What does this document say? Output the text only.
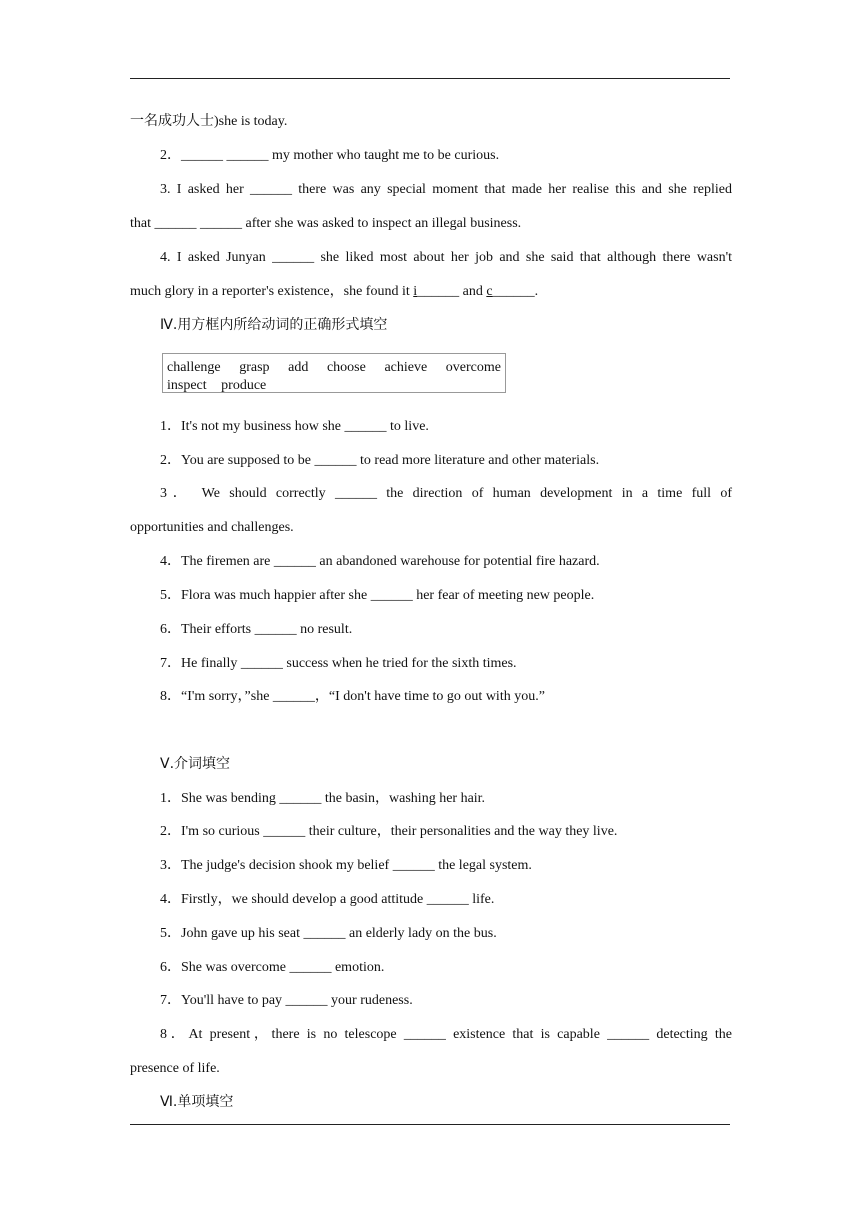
一名成功人士)she is today.
2．______ ______ my mother who taught me to be curious.
3. I asked her ______ there was any special moment that made her realise this and she replied
that ______ ______ after she was asked to inspect an illegal business.
4. I asked Junyan ______ she liked most about her job and she said that although there wasn't
much glory in a reporter's existence，she found it i______ and c______.
Ⅳ.用方框内所给动词的正确形式填空
challenge grasp add choose achieve overcome
inspect produce
1．It's not my business how she ______ to live.
2．You are supposed to be ______ to read more literature and other materials.
3． We should correctly ______ the direction of human development in a time full of
opportunities and challenges.
4．The firemen are ______ an abandoned warehouse for potential fire hazard.
5．Flora was much happier after she ______ her fear of meeting new people.
6．Their efforts ______ no result.
7．He finally ______ success when he tried for the sixth times.
8．“I'm sorry，”she ______，“I don't have time to go out with you.”
Ⅴ.介词填空
1．She was bending ______ the basin，washing her hair.
2．I'm so curious ______ their culture，their personalities and the way they live.
3．The judge's decision shook my belief ______ the legal system.
4．Firstly，we should develop a good attitude ______ life.
5．John gave up his seat ______ an elderly lady on the bus.
6．She was overcome ______ emotion.
7．You'll have to pay ______ your rudeness.
8．At present，there is no telescope ______ existence that is capable ______ detecting the
presence of life.
Ⅵ.单项填空
